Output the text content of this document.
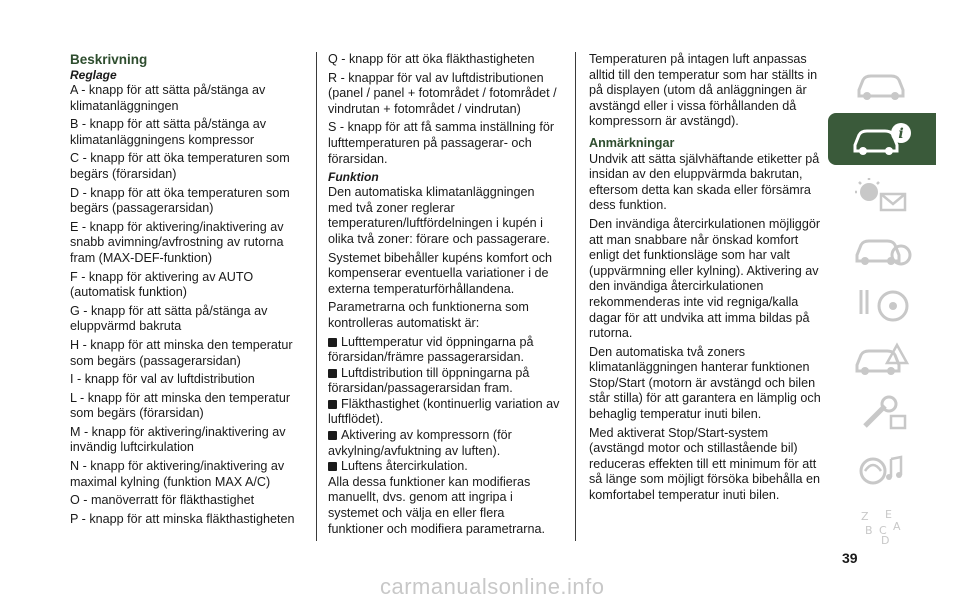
Beskrivning
Reglage

A - knapp för att sätta på/stänga av klimatanläggningen

B - knapp för att sätta på/stänga av klimatanläggningens kompressor

C - knapp för att öka temperaturen som begärs (förarsidan)

D - knapp för att öka temperaturen som begärs (passagerarsidan)

E - knapp för aktivering/inaktivering av snabb avimning/avfrostning av rutorna fram (MAX-DEF-funktion)

F - knapp för aktivering av AUTO (automatisk funktion)

G - knapp för att sätta på/stänga av eluppvärmd bakruta

H - knapp för att minska den temperatur som begärs (passagerarsidan)

I - knapp för val av luftdistribution

L - knapp för att minska den temperatur som begärs (förarsidan)

M - knapp för aktivering/inaktivering av invändig luftcirkulation

N - knapp för aktivering/inaktivering av maximal kylning (funktion MAX A/C)

O - manöverratt för fläkthastighet

P - knapp för att minska fläkthastigheten

Q - knapp för att öka fläkthastigheten

R - knappar för val av luftdistributionen (panel / panel + fotområdet / fotområdet / vindrutan + fotområdet / vindrutan)

S - knapp för att få samma inställning för lufttemperaturen på passagerar- och förarsidan.

Funktion

Den automatiska klimatanläggningen med två zoner reglerar temperaturen/luftfördelningen i kupén i olika två zoner: förare och passagerare.

Systemet bibehåller kupéns komfort och kompenserar eventuella variationer i de externa temperaturförhållandena.

Parametrarna och funktionerna som kontrolleras automatiskt är:

Lufttemperatur vid öppningarna på förarsidan/främre passagerarsidan.
Luftdistribution till öppningarna på förarsidan/passagerarsidan fram.
Fläkthastighet (kontinuerlig variation av luftflödet).
Aktivering av kompressorn (för avkylning/avfuktning av luften).
Luftens återcirkulation.

Alla dessa funktioner kan modifieras manuellt, dvs. genom att ingripa i systemet och välja en eller flera funktioner och modifiera parametrarna.

Temperaturen på intagen luft anpassas alltid till den temperatur som har ställts in på displayen (utom då anläggningen är avstängd eller i vissa förhållanden då kompressorn är avstängd).

Anmärkningar

Undvik att sätta självhäftande etiketter på insidan av den eluppvärmda bakrutan, eftersom detta kan skada eller försämra dess funktion.

Den invändiga återcirkulationen möjliggör att man snabbare når önskad komfort enligt det funktionsläge som har valt (uppvärmning eller kylning). Aktivering av den invändiga återcirkulationen rekommenderas inte vid regniga/kalla dagar för att undvika att imma bildas på rutorna.

Den automatiska två zoners klimatanläggningen hanterar funktionen Stop/Start (motorn är avstängd och bilen står stilla) för att garantera en lämplig och behaglig temperatur inuti bilen.

Med aktiverat Stop/Start-system (avstängd motor och stillastående bil) reduceras effekten till ett minimum för att så länge som möjligt försöka bibehålla en komfortabel temperatur inuti bilen.

i
Z E
B C A
D
39
carmanualsonline.info
